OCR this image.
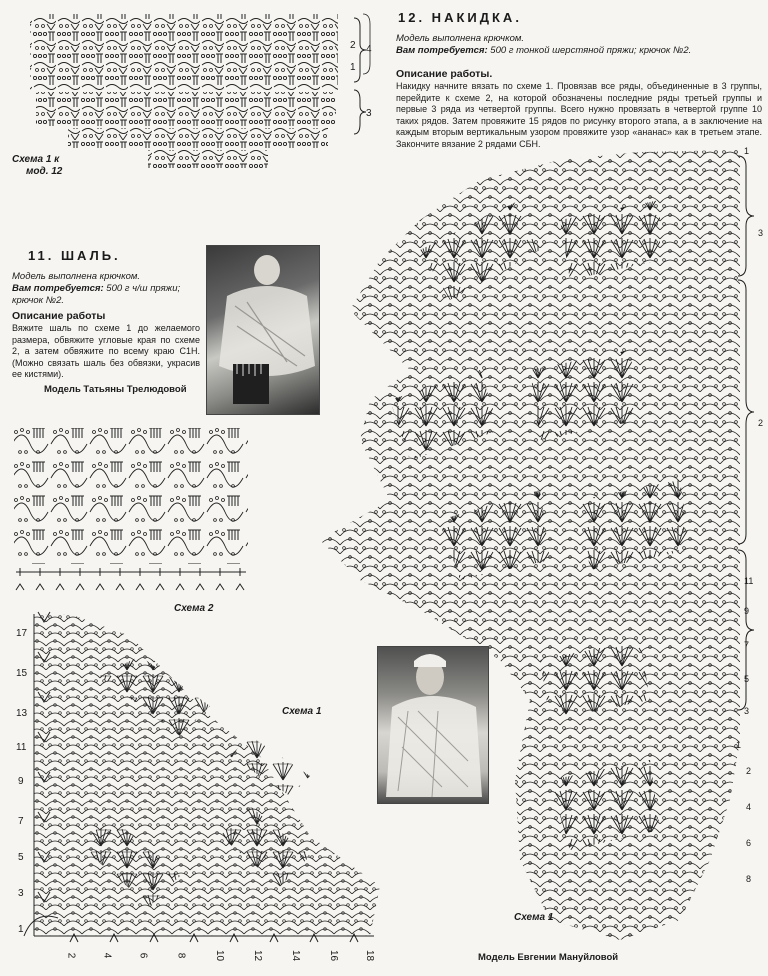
2 4
1
3
Схема 1 к
мод. 12
12. НАКИДКА.
Модель выполнена крючком.
Вам потребуется: 500 г тонкой шерстяной пряжи; крючок №2.
Описание работы.
Накидку начните вязать по схеме 1. Провязав все ряды, объединенные в 3 группы, перейдите к схеме 2, на которой обозначены последние ряды третьей группы и первые 3 ряда из четвертой группы. Всего нужно провязать в четвертой группе 10 таких рядов. Затем провяжите 15 рядов по рисунку второго этапа, а в заключение на каждым вторым вертикальным узором провяжите узор «ананас» как в третьем этапе. Закончите вязание 2 рядами СБН.
11. ШАЛЬ.
Модель выполнена крючком.
Вам потребуется: 500 г ч/ш пряжи; крючок №2.
Описание работы
Вяжите шаль по схеме 1 до желаемого размера, обвяжите угловые края по схеме 2, а затем обвяжите по всему краю С1Н. (Можно связать шаль без обвязки, украсив ее кистями).
Модель Татьяны Трелюдовой
Схема 2
Схема 1
17
15
13
11
9
7
5
3
1
2	4	6	8	10	12	14	16	18
1
3
2
11
9
7
5
3
1
2
4
6
8
Схема 1
Модель Евгении Мануйловой
